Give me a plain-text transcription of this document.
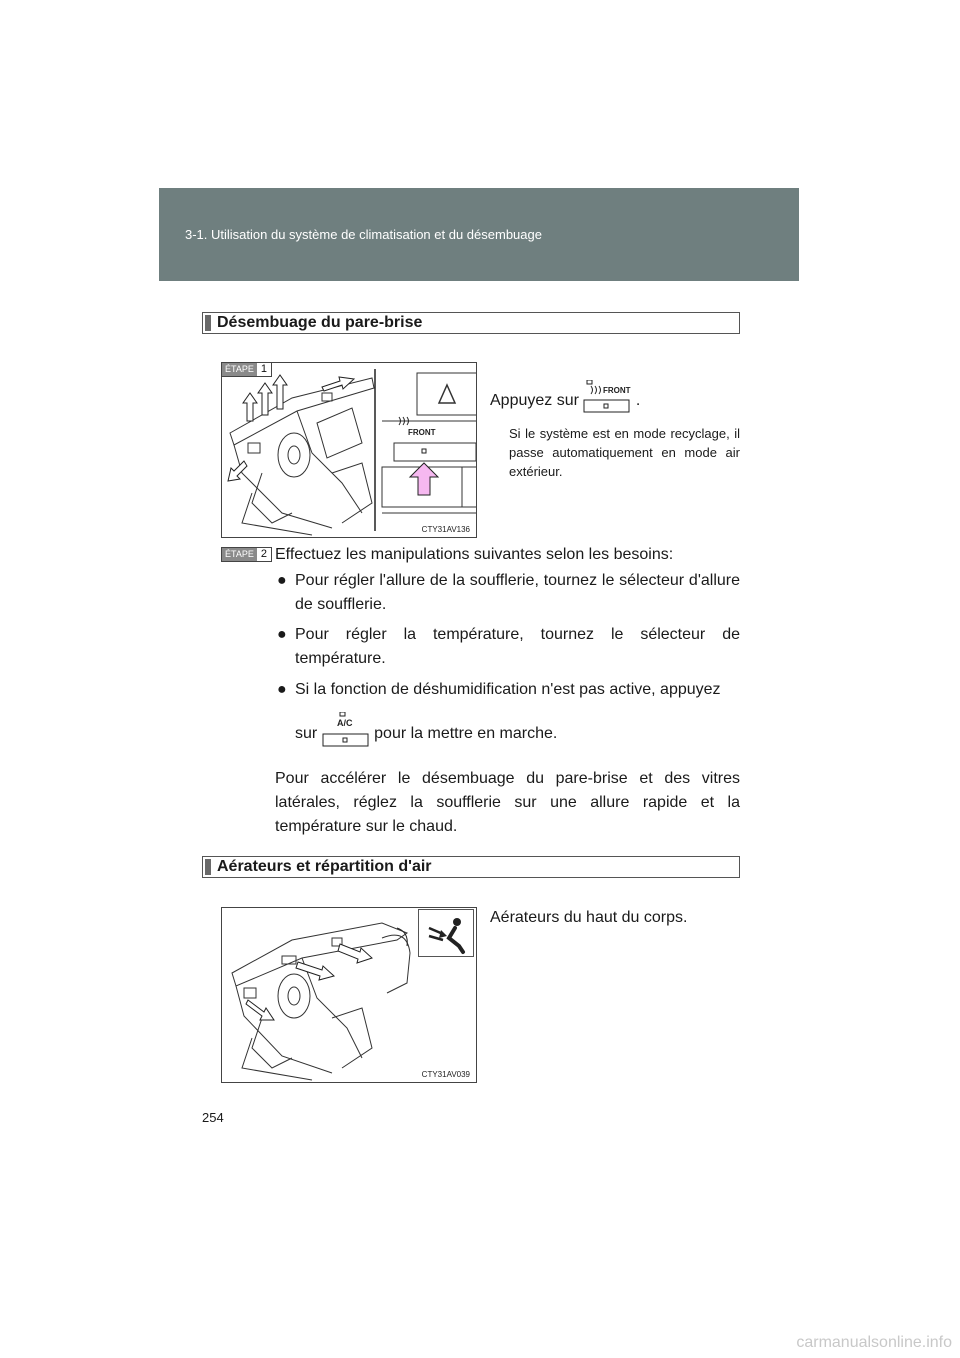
3-1. Utilisation du système de climatisation et du désembuage
Désembuage du pare-brise
FRONT
CTY31AV136
ÉTAPE 1
Appuyez sur
FRONT
.
Si le système est en mode recyclage, il passe automatiquement en mode air extérieur.
ÉTAPE 2 Effectuez les manipulations suivantes selon les besoins:
● Pour régler l'allure de la soufflerie, tournez le sélecteur d'allure de soufflerie.
● Pour régler la température, tournez le sélecteur de température.
● Si la fonction de déshumidification n'est pas active, appuyez
sur
A/C
pour la mettre en marche.
Pour accélérer le désembuage du pare-brise et des vitres latérales, réglez la soufflerie sur une allure rapide et la température sur le chaud.
Aérateurs et répartition d'air
CTY31AV039
Aérateurs du haut du corps.
254
carmanualsonline.info
